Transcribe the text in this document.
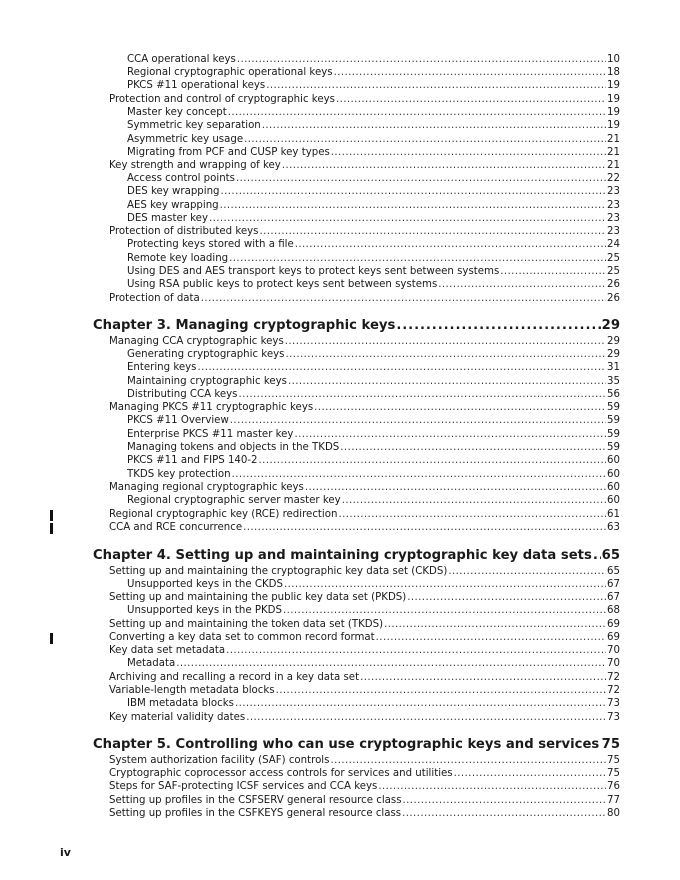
CCA operational keys .....	10
Regional cryptographic operational keys .....	18
PKCS #11 operational keys .....	19
Protection and control of cryptographic keys .....	19
Master key concept .....	19
Symmetric key separation .....	19
Asymmetric key usage .....	21
Migrating from PCF and CUSP key types .....	21
Key strength and wrapping of key .....	21
Access control points .....	22
DES key wrapping .....	23
AES key wrapping .....	23
DES master key .....	23
Protection of distributed keys .....	23
Protecting keys stored with a file .....	24
Remote key loading .....	25
Using DES and AES transport keys to protect keys sent between systems .....	25
Using RSA public keys to protect keys sent between systems .....	26
Protection of data .....	26
Chapter 3. Managing cryptographic keys .....	29
Managing CCA cryptographic keys .....	29
Generating cryptographic keys .....	29
Entering keys .....	31
Maintaining cryptographic keys .....	35
Distributing CCA keys .....	56
Managing PKCS #11 cryptographic keys .....	59
PKCS #11 Overview .....	59
Enterprise PKCS #11 master key .....	59
Managing tokens and objects in the TKDS .....	59
PKCS #11 and FIPS 140-2 .....	60
TKDS key protection .....	60
Managing regional cryptographic keys .....	60
Regional cryptographic server master key .....	60
Regional cryptographic key (RCE) redirection .....	61
CCA and RCE concurrence .....	63
Chapter 4. Setting up and maintaining cryptographic key data sets ..... 65
Setting up and maintaining the cryptographic key data set (CKDS) .....	65
Unsupported keys in the CKDS .....	67
Setting up and maintaining the public key data set (PKDS) .....	67
Unsupported keys in the PKDS .....	68
Setting up and maintaining the token data set (TKDS) .....	69
Converting a key data set to common record format .....	69
Key data set metadata .....	70
Metadata .....	70
Archiving and recalling a record in a key data set .....	72
Variable-length metadata blocks .....	72
IBM metadata blocks .....	73
Key material validity dates .....	73
Chapter 5. Controlling who can use cryptographic keys and services ..... 75
System authorization facility (SAF) controls .....	75
Cryptographic coprocessor access controls for services and utilities .....	75
Steps for SAF-protecting ICSF services and CCA keys .....	76
Setting up profiles in the CSFSERV general resource class .....	77
Setting up profiles in the CSFKEYS general resource class .....	80
iv
